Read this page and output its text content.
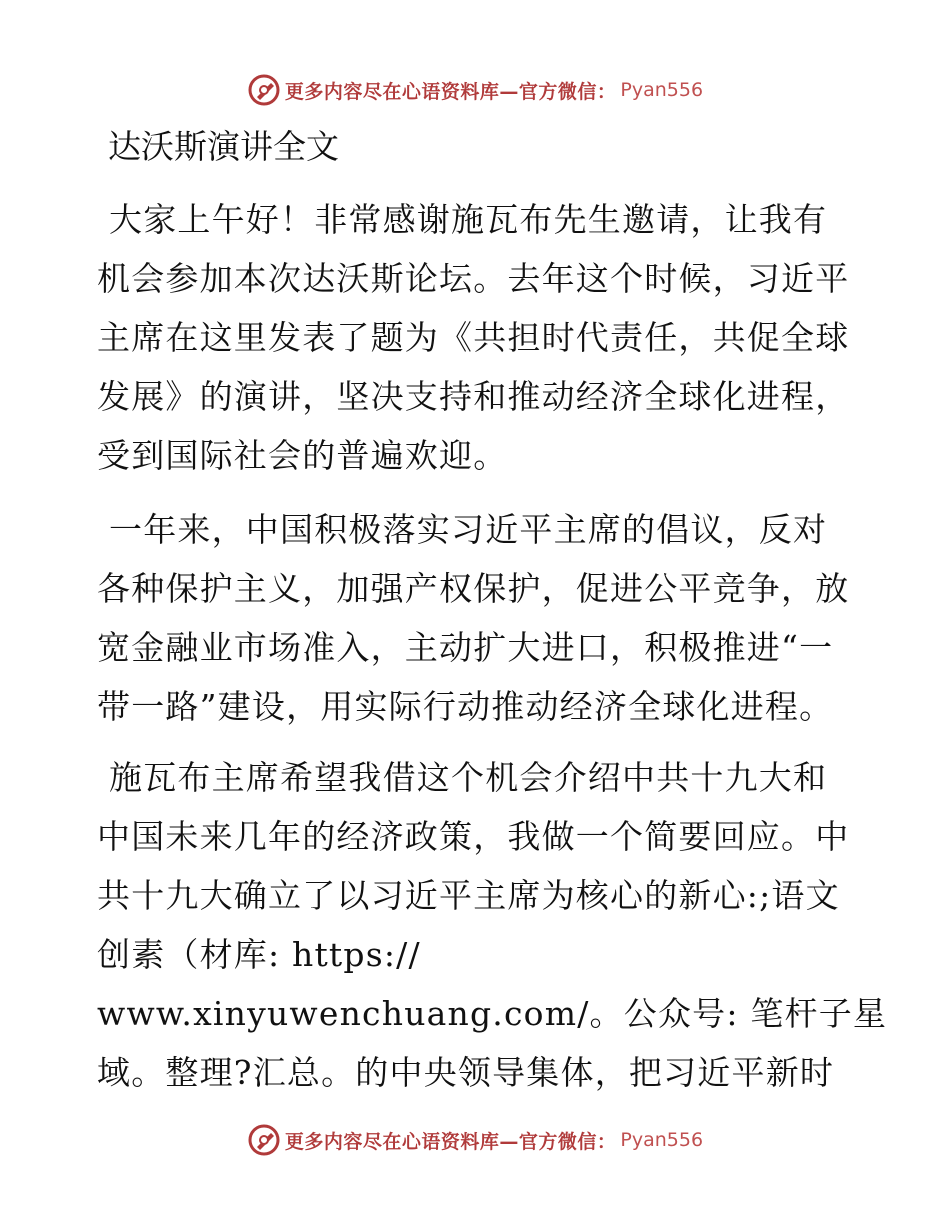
更多内容尽在心语资料库—官方微信： Pyan556
达沃斯演讲全文
大家上午好！非常感谢施瓦布先生邀请，让我有
机会参加本次达沃斯论坛。去年这个时候，习近平
主席在这里发表了题为《共担时代责任，共促全球
发展》的演讲，坚决支持和推动经济全球化进程，
受到国际社会的普遍欢迎。
一年来，中国积极落实习近平主席的倡议，反对
各种保护主义，加强产权保护，促进公平竞争，放
宽金融业市场准入，主动扩大进口，积极推进“一
带一路”建设，用实际行动推动经济全球化进程。
施瓦布主席希望我借这个机会介绍中共十九大和
中国未来几年的经济政策，我做一个简要回应。中
共十九大确立了以习近平主席为核心的新心:;语文
创素（材库: https://
www.xinyuwenchuang.com/。公众号: 笔杆子星
域。整理?汇总。的中央领导集体，把习近平新时
更多内容尽在心语资料库—官方微信： Pyan556
